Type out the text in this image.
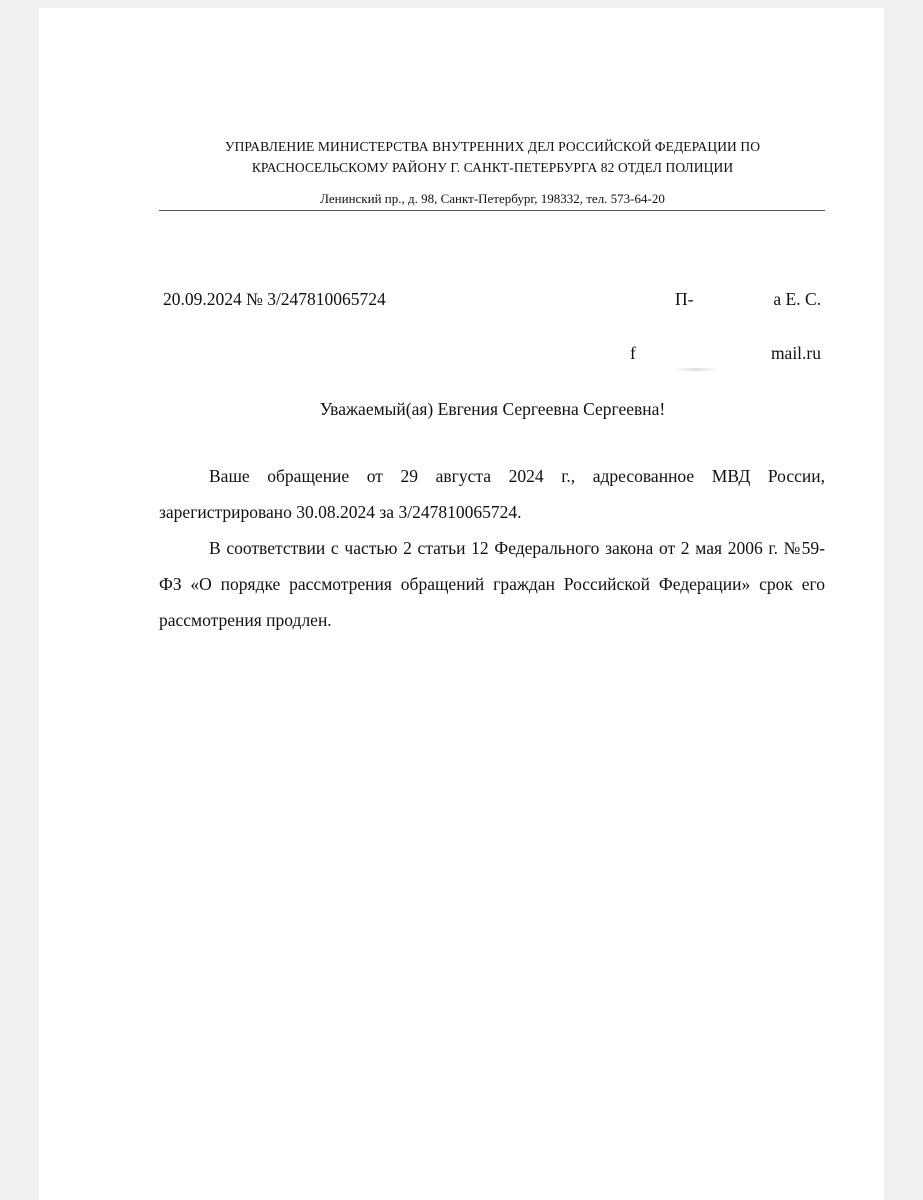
УПРАВЛЕНИЕ МИНИСТЕРСТВА ВНУТРЕННИХ ДЕЛ РОССИЙСКОЙ ФЕДЕРАЦИИ ПО
КРАСНОСЕЛЬСКОМУ РАЙОНУ Г. САНКТ-ПЕТЕРБУРГА 82 ОТДЕЛ ПОЛИЦИИ
Ленинский пр., д. 98, Санкт-Петербург, 198332, тел. 573-64-20
20.09.2024 № 3/247810065724	П‑	а Е. С.
f	mail.ru
Уважаемый(ая) Евгения Сергеевна Сергеевна!

Ваше обращение от 29 августа 2024 г., адресованное МВД России, зарегистрировано 30.08.2024 за 3/247810065724.

В соответствии с частью 2 статьи 12 Федерального закона от 2 мая 2006 г. №59-ФЗ «О порядке рассмотрения обращений граждан Российской Федерации» срок его рассмотрения продлен.
